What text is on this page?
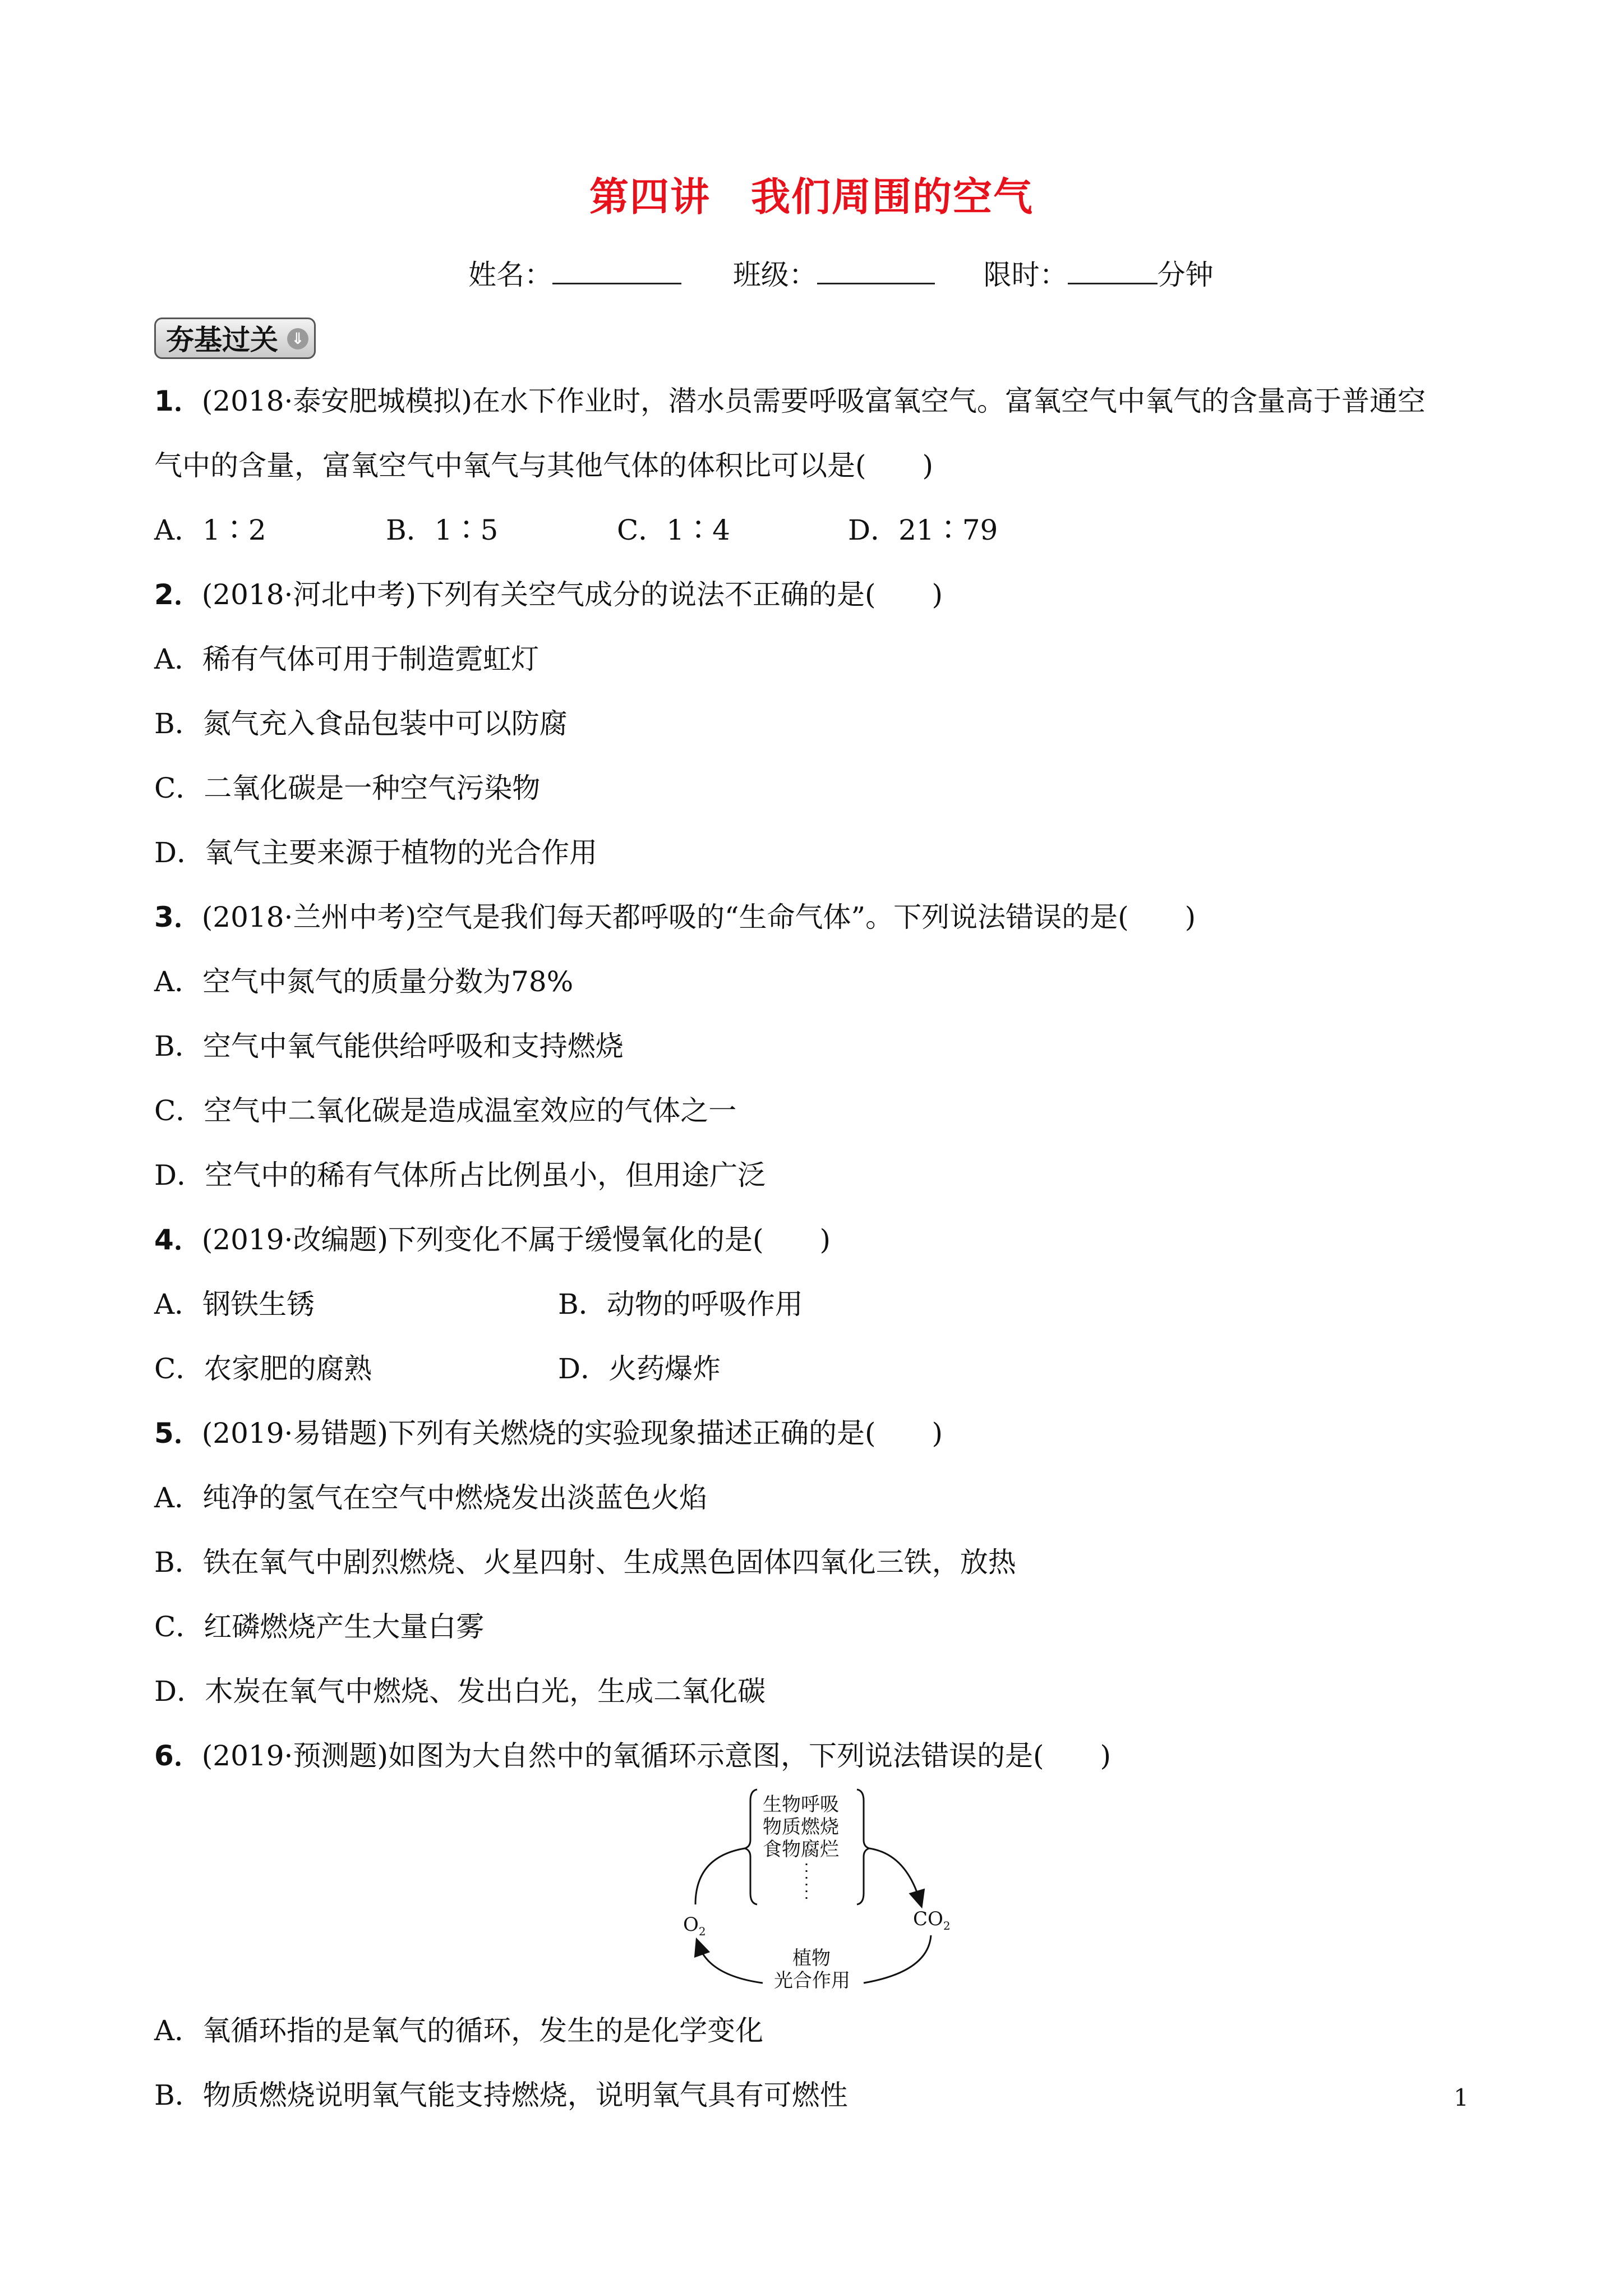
第四讲　我们周围的空气
姓名：	班级：	限时：	分钟
夯基过关 ⇓
1．(2018·泰安肥城模拟)在水下作业时，潜水员需要呼吸富氧空气。富氧空气中氧气的含量高于普通空
气中的含量，富氧空气中氧气与其他气体的体积比可以是(　　)
A．1∶2	B．1∶5	C．1∶4	D．21∶79
2．(2018·河北中考)下列有关空气成分的说法不正确的是(　　)
A．稀有气体可用于制造霓虹灯
B．氮气充入食品包装中可以防腐
C．二氧化碳是一种空气污染物
D．氧气主要来源于植物的光合作用
3．(2018·兰州中考)空气是我们每天都呼吸的“生命气体”。下列说法错误的是(　　)
A．空气中氮气的质量分数为78%
B．空气中氧气能供给呼吸和支持燃烧
C．空气中二氧化碳是造成温室效应的气体之一
D．空气中的稀有气体所占比例虽小，但用途广泛
4．(2019·改编题)下列变化不属于缓慢氧化的是(　　)
A．钢铁生锈	B．动物的呼吸作用
C．农家肥的腐熟	D．火药爆炸
5．(2019·易错题)下列有关燃烧的实验现象描述正确的是(　　)
A．纯净的氢气在空气中燃烧发出淡蓝色火焰
B．铁在氧气中剧烈燃烧、火星四射、生成黑色固体四氧化三铁，放热
C．红磷燃烧产生大量白雾
D．木炭在氧气中燃烧、发出白光，生成二氧化碳
6．(2019·预测题)如图为大自然中的氧循环示意图，下列说法错误的是(　　)
生物呼吸
物质燃烧
食物腐烂
$O_2$
$CO_2$
植物
光合作用
A．氧循环指的是氧气的循环，发生的是化学变化
B．物质燃烧说明氧气能支持燃烧，说明氧气具有可燃性	1
